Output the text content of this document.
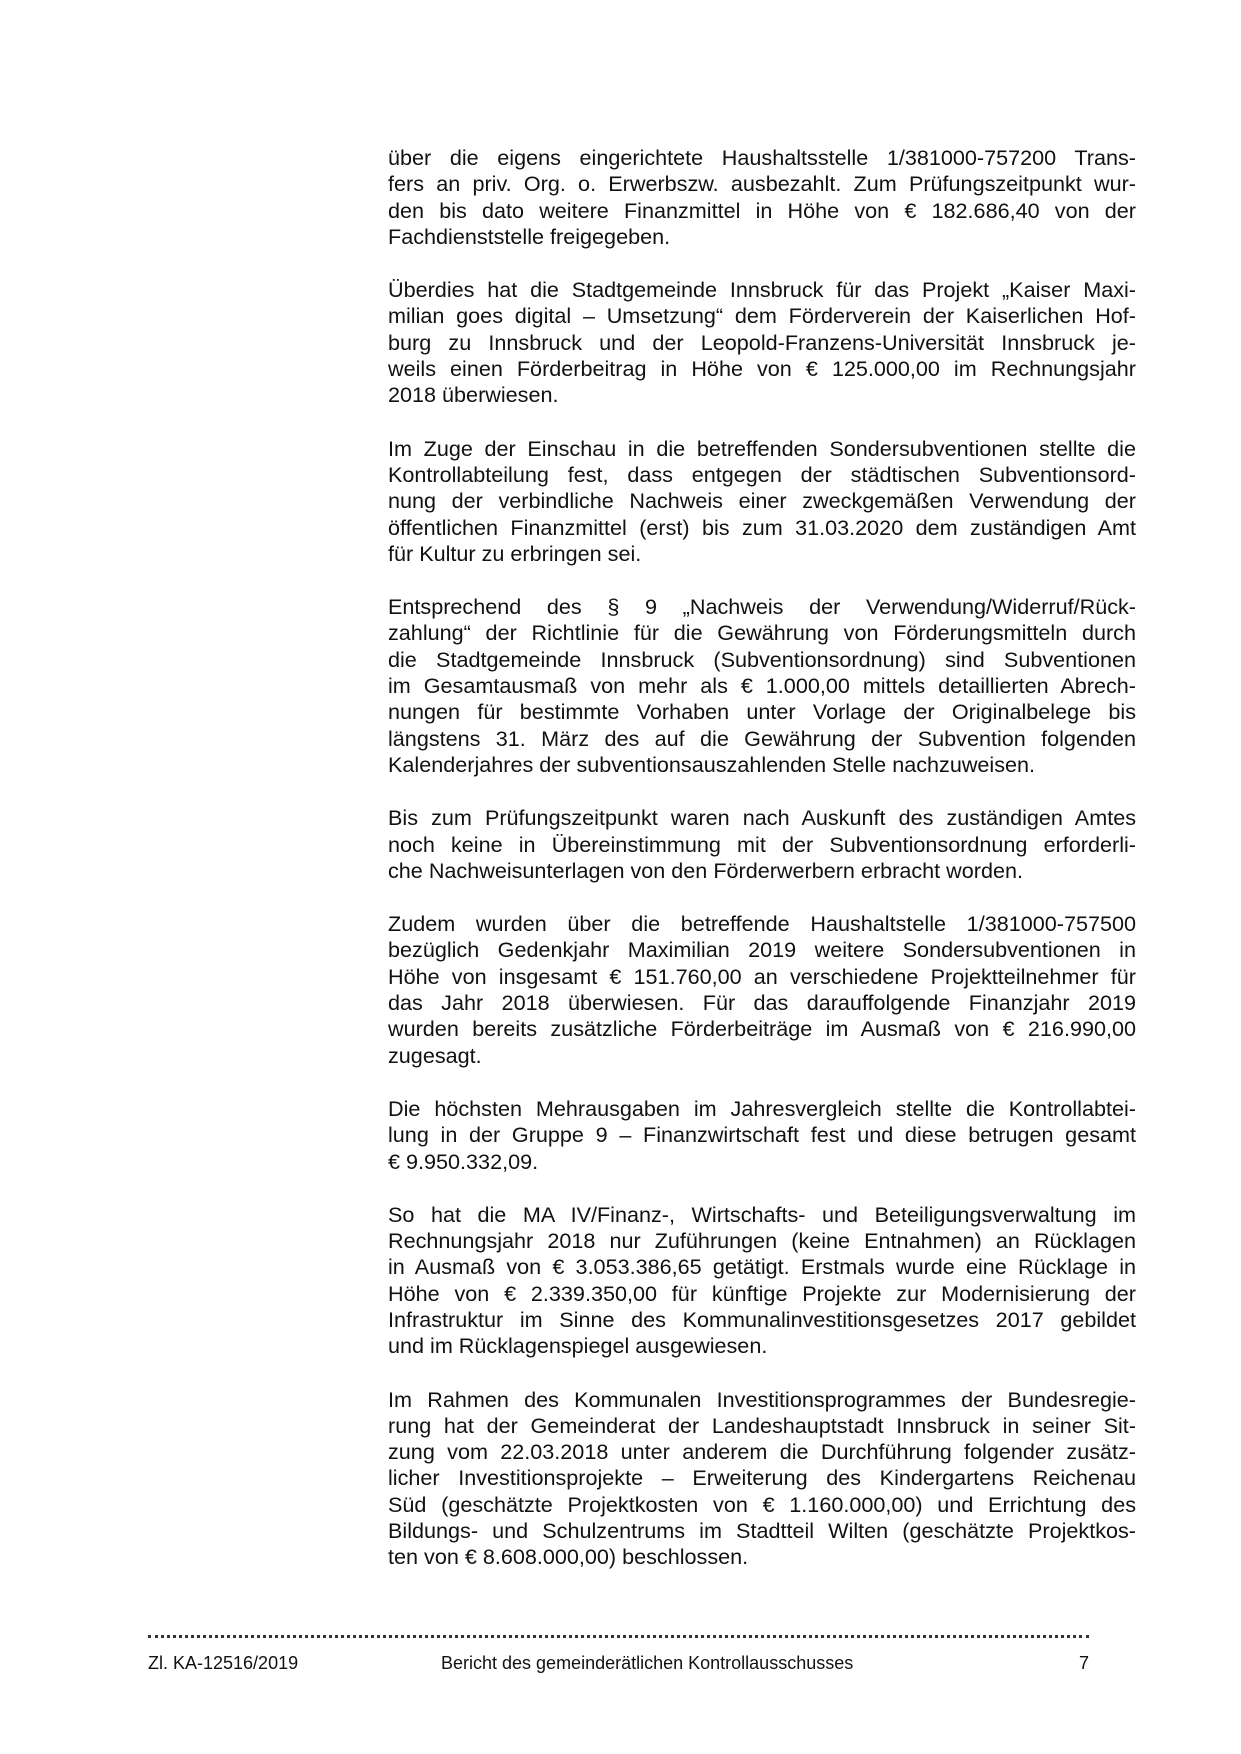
über die eigens eingerichtete Haushaltsstelle 1/381000-757200 Trans-
fers an priv. Org. o. Erwerbszw. ausbezahlt. Zum Prüfungszeitpunkt wur-
den bis dato weitere Finanzmittel in Höhe von € 182.686,40 von der
Fachdienststelle freigegeben.

Überdies hat die Stadtgemeinde Innsbruck für das Projekt „Kaiser Maxi-
milian goes digital – Umsetzung“ dem Förderverein der Kaiserlichen Hof-
burg zu Innsbruck und der Leopold-Franzens-Universität Innsbruck je-
weils einen Förderbeitrag in Höhe von € 125.000,00 im Rechnungsjahr
2018 überwiesen.

Im Zuge der Einschau in die betreffenden Sondersubventionen stellte die
Kontrollabteilung fest, dass entgegen der städtischen Subventionsord-
nung der verbindliche Nachweis einer zweckgemäßen Verwendung der
öffentlichen Finanzmittel (erst) bis zum 31.03.2020 dem zuständigen Amt
für Kultur zu erbringen sei.

Entsprechend des § 9 „Nachweis der Verwendung/Widerruf/Rück-
zahlung“ der Richtlinie für die Gewährung von Förderungsmitteln durch
die Stadtgemeinde Innsbruck (Subventionsordnung) sind Subventionen
im Gesamtausmaß von mehr als € 1.000,00 mittels detaillierten Abrech-
nungen für bestimmte Vorhaben unter Vorlage der Originalbelege bis
längstens 31. März des auf die Gewährung der Subvention folgenden
Kalenderjahres der subventionsauszahlenden Stelle nachzuweisen.

Bis zum Prüfungszeitpunkt waren nach Auskunft des zuständigen Amtes
noch keine in Übereinstimmung mit der Subventionsordnung erforderli-
che Nachweisunterlagen von den Förderwerbern erbracht worden.

Zudem wurden über die betreffende Haushaltstelle 1/381000-757500
bezüglich Gedenkjahr Maximilian 2019 weitere Sondersubventionen in
Höhe von insgesamt € 151.760,00 an verschiedene Projektteilnehmer für
das Jahr 2018 überwiesen. Für das darauffolgende Finanzjahr 2019
wurden bereits zusätzliche Förderbeiträge im Ausmaß von € 216.990,00
zugesagt.

Die höchsten Mehrausgaben im Jahresvergleich stellte die Kontrollabtei-
lung in der Gruppe 9 – Finanzwirtschaft fest und diese betrugen gesamt
€ 9.950.332,09.

So hat die MA IV/Finanz-, Wirtschafts- und Beteiligungsverwaltung im
Rechnungsjahr 2018 nur Zuführungen (keine Entnahmen) an Rücklagen
in Ausmaß von € 3.053.386,65 getätigt. Erstmals wurde eine Rücklage in
Höhe von € 2.339.350,00 für künftige Projekte zur Modernisierung der
Infrastruktur im Sinne des Kommunalinvestitionsgesetzes 2017 gebildet
und im Rücklagenspiegel ausgewiesen.

Im Rahmen des Kommunalen Investitionsprogrammes der Bundesregie-
rung hat der Gemeinderat der Landeshauptstadt Innsbruck in seiner Sit-
zung vom 22.03.2018 unter anderem die Durchführung folgender zusätz-
licher Investitionsprojekte – Erweiterung des Kindergartens Reichenau
Süd (geschätzte Projektkosten von € 1.160.000,00) und Errichtung des
Bildungs- und Schulzentrums im Stadtteil Wilten (geschätzte Projektkos-
ten von € 8.608.000,00) beschlossen.

Zl. KA-12516/2019	Bericht des gemeinderätlichen Kontrollausschusses	7
